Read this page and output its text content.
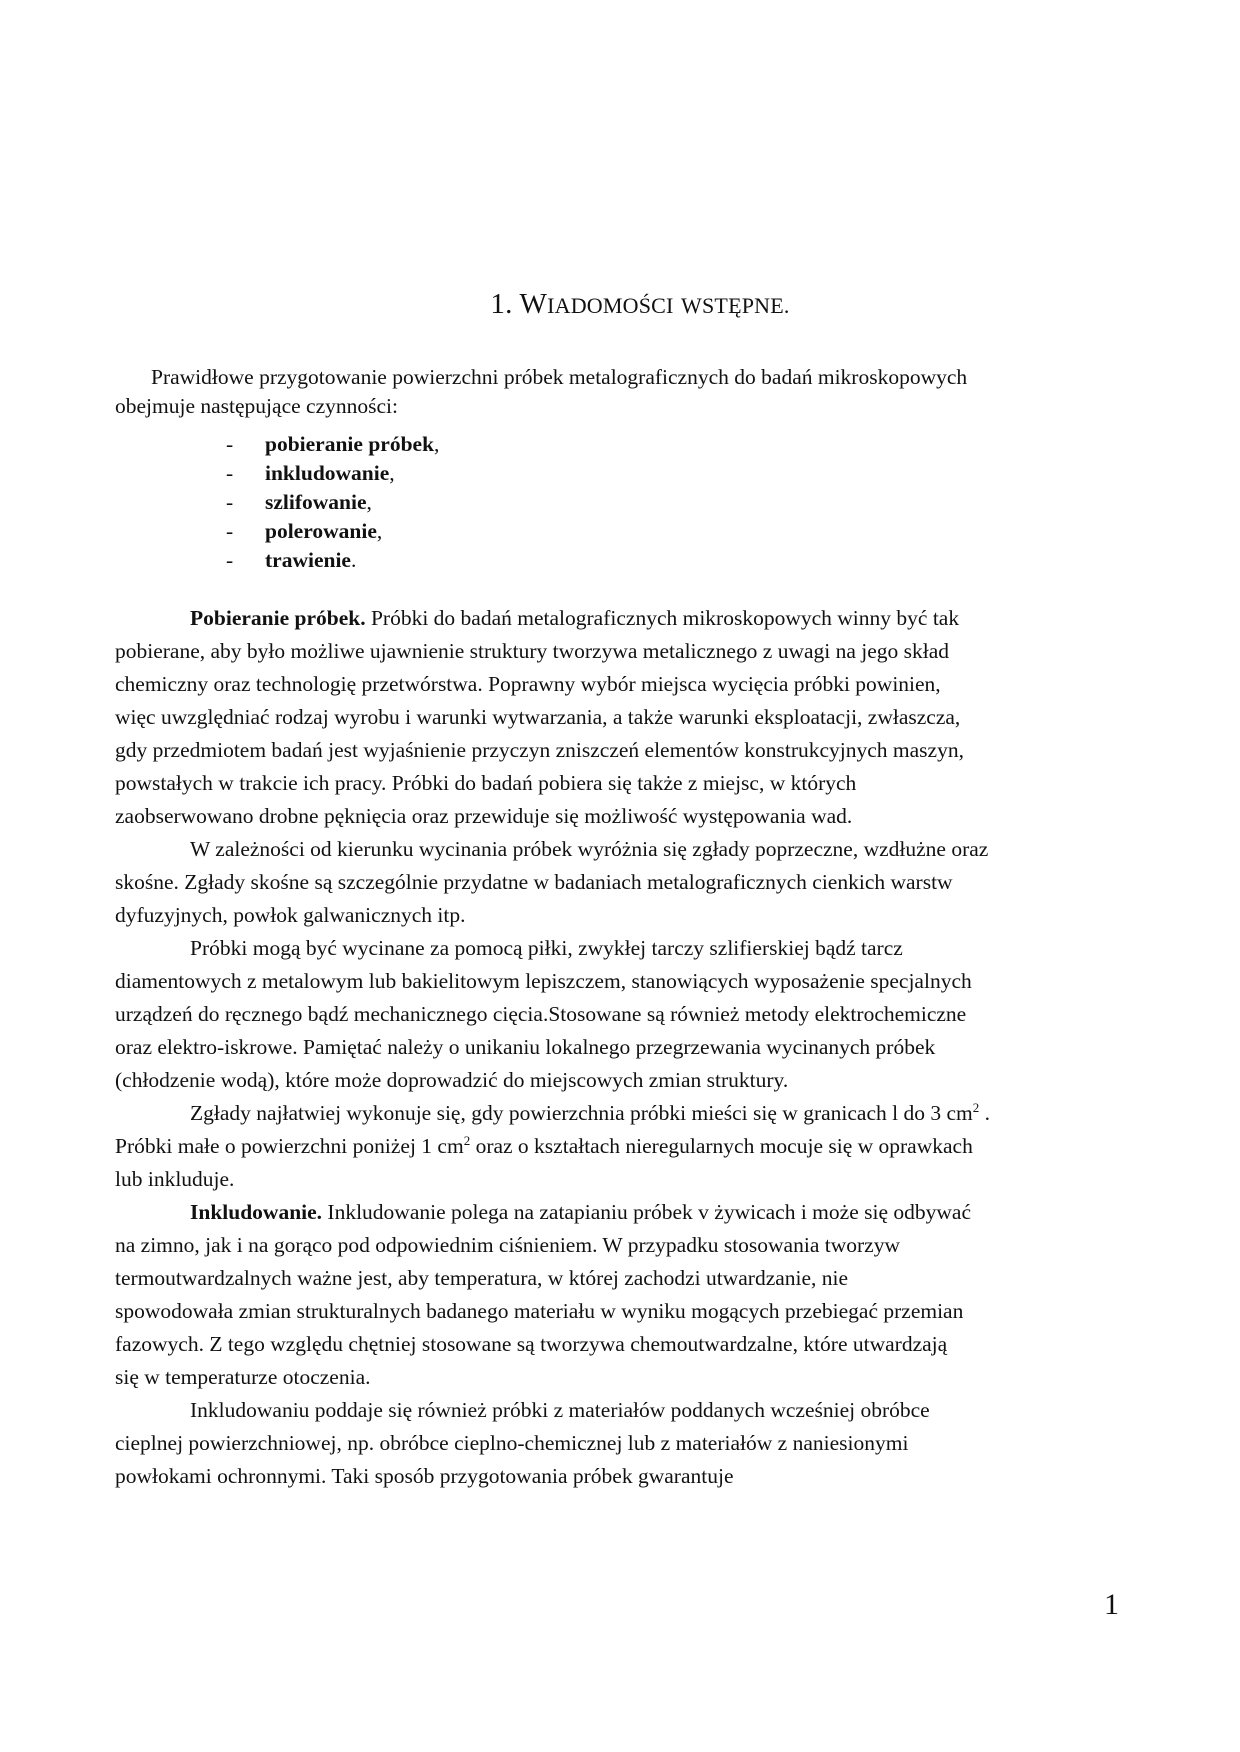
1. WIADOMOŚCI WSTĘPNE.

Prawidłowe przygotowanie powierzchni próbek metalograficznych do badań mikroskopowych

obejmuje następujące czynności:

-	pobieranie próbek ,
-	inkludowanie ,
-	szlifowanie ,
-	polerowanie ,
-	trawienie .

Pobieranie próbek. Próbki do badań metalograficznych mikroskopowych winny być tak

pobierane, aby było możliwe ujawnienie struktury tworzywa metalicznego z uwagi na jego skład

chemiczny oraz technologię przetwórstwa. Poprawny wybór miejsca wycięcia próbki powinien,

więc uwzględniać rodzaj wyrobu i warunki wytwarzania, a także warunki eksploatacji, zwłaszcza,

gdy przedmiotem badań jest wyjaśnienie przyczyn zniszczeń elementów konstrukcyjnych maszyn,

powstałych w trakcie ich pracy. Próbki do badań pobiera się także z miejsc, w których

zaobserwowano drobne pęknięcia oraz przewiduje się możliwość występowania wad.

W zależności od kierunku wycinania próbek wyróżnia się zgłady poprzeczne, wzdłużne oraz

skośne. Zgłady skośne są szczególnie przydatne w badaniach metalograficznych cienkich warstw

dyfuzyjnych, powłok galwanicznych itp.

Próbki mogą być wycinane za pomocą piłki, zwykłej tarczy szlifierskiej bądź tarcz

diamentowych z metalowym lub bakielitowym lepiszczem, stanowiących wyposażenie specjalnych

urządzeń do ręcznego bądź mechanicznego cięcia.Stosowane są również metody elektrochemiczne

oraz elektro-iskrowe. Pamiętać należy o unikaniu lokalnego przegrzewania wycinanych próbek

(chłodzenie wodą), które może doprowadzić do miejscowych zmian struktury.

Zgłady najłatwiej wykonuje się, gdy powierzchnia próbki mieści się w granicach l do 3 $cm^2$ .

Próbki małe o powierzchni poniżej 1 $cm^2$ oraz o kształtach nieregularnych mocuje się w oprawkach

lub inkluduje.

Inkludowanie. Inkludowanie polega na zatapianiu próbek v żywicach i może się odbywać

na zimno, jak i na gorąco pod odpowiednim ciśnieniem. W przypadku stosowania tworzyw

termoutwardzalnych ważne jest, aby temperatura, w której zachodzi utwardzanie, nie

spowodowała zmian strukturalnych badanego materiału w wyniku mogących przebiegać przemian

fazowych. Z tego względu chętniej stosowane są tworzywa chemoutwardzalne, które utwardzają

się w temperaturze otoczenia.

Inkludowaniu poddaje się również próbki z materiałów poddanych wcześniej obróbce

cieplnej powierzchniowej, np. obróbce cieplno-chemicznej lub z materiałów z naniesionymi

powłokami ochronnymi. Taki sposób przygotowania próbek gwarantuje

1
